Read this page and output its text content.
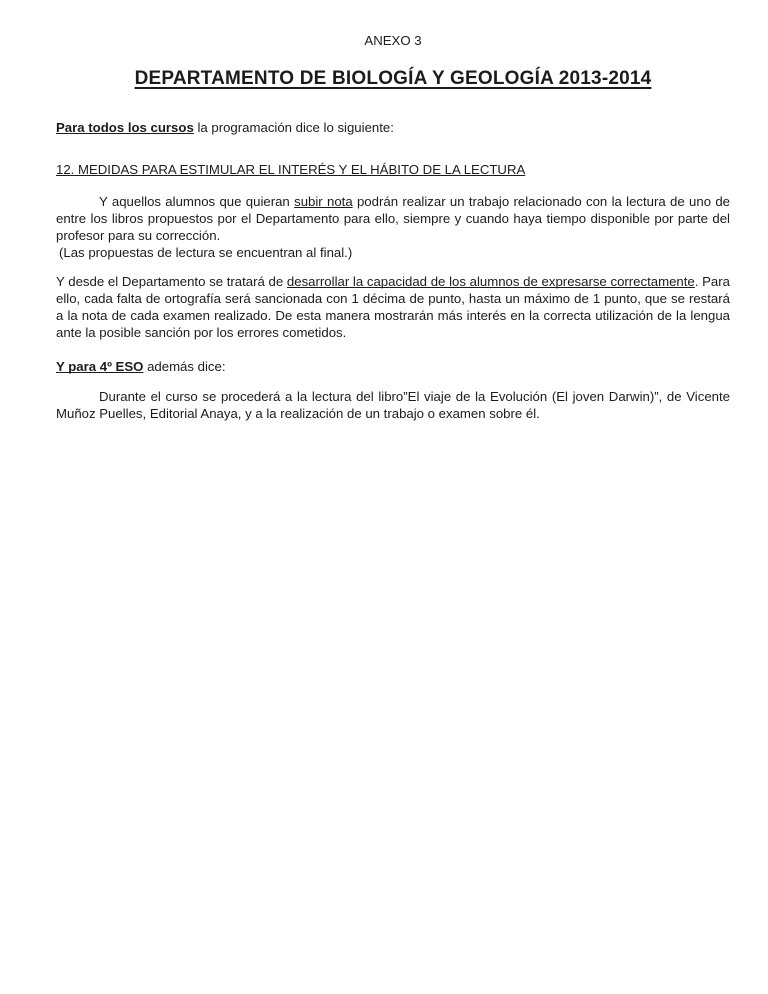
ANEXO 3
DEPARTAMENTO DE BIOLOGÍA Y GEOLOGÍA 2013-2014

Para todos los cursos la programación dice lo siguiente:

12. MEDIDAS PARA ESTIMULAR EL INTERÉS Y EL HÁBITO DE LA LECTURA

Y aquellos alumnos que quieran subir nota podrán realizar un trabajo relacionado con la lectura de uno de entre los libros propuestos por el Departamento para ello, siempre y cuando haya tiempo disponible por parte del profesor para su corrección.

(Las propuestas de lectura se encuentran al final.)

Y desde el Departamento se tratará de desarrollar la capacidad de los alumnos de expresarse correctamente. Para ello, cada falta de ortografía será sancionada con 1 décima de punto, hasta un máximo de 1 punto, que se restará a la nota de cada examen realizado. De esta manera mostrarán más interés en la correcta utilización de la lengua ante la posible sanción por los errores cometidos.

Y para 4º ESO además dice:

Durante el curso se procederá a la lectura del libro”El viaje de la Evolución (El joven Darwin)”, de Vicente Muñoz Puelles, Editorial Anaya, y a la realización de un trabajo o examen sobre él.
